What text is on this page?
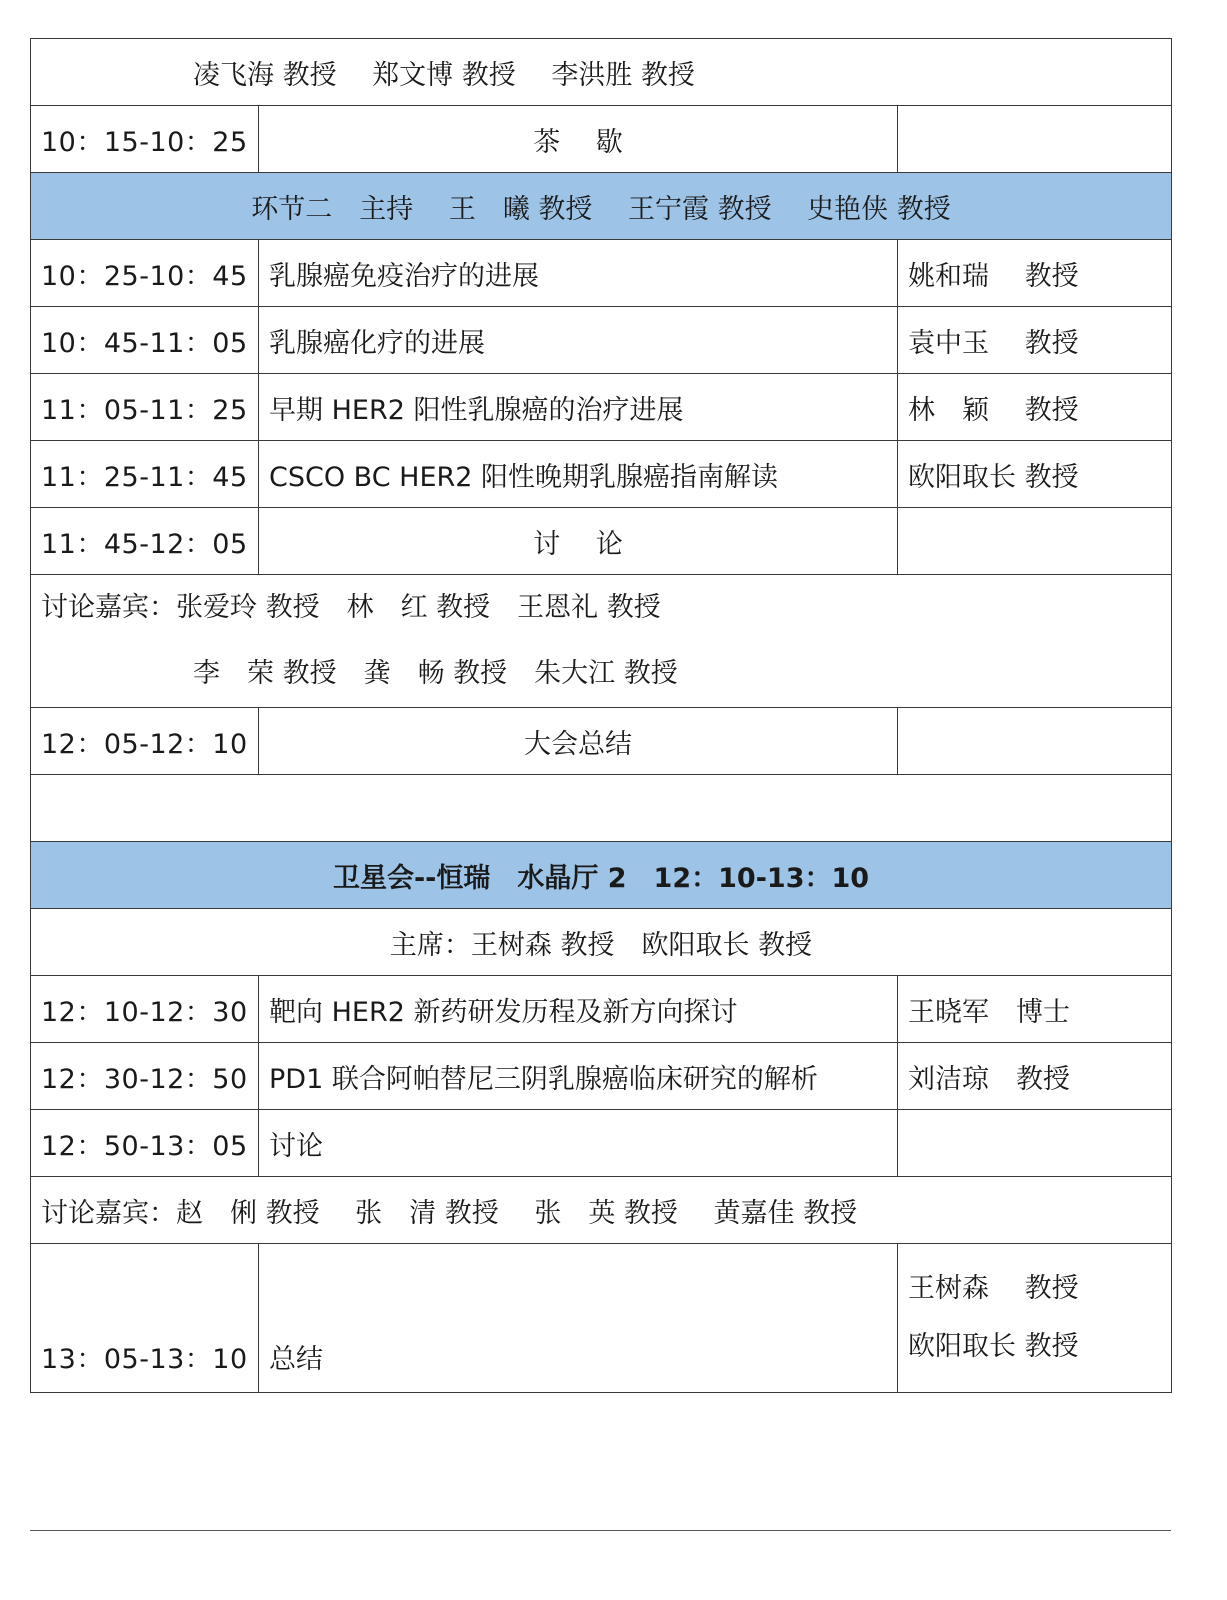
凌飞海 教授　 郑文博 教授　 李洪胜 教授		
10：15-10：25	茶　 歇	
环节二　主持　 王　曦 教授　 王宁霞 教授　 史艳侠 教授		
10：25-10：45	乳腺癌免疫治疗的进展	姚和瑞　 教授
10：45-11：05	乳腺癌化疗的进展	袁中玉　 教授
11：05-11：25	早期 HER2 阳性乳腺癌的治疗进展	林　颖　 教授
11：25-11：45	CSCO BC HER2 阳性晚期乳腺癌指南解读	欧阳取长 教授
11：45-12：05	讨　 论	

讨论嘉宾：张爱玲 教授　林　红 教授　王恩礼 教授
李　荣 教授　龚　畅 教授　朱大江 教授		

12：05-12：10	大会总结	

卫星会--恒瑞　水晶厅 2　12：10-13：10		
主席：王树森 教授　欧阳取长 教授		
12：10-12：30	靶向 HER2 新药研发历程及新方向探讨	王晓军　博士
12：30-12：50	PD1 联合阿帕替尼三阴乳腺癌临床研究的解析	刘洁琼　教授
12：50-13：05	讨论	
讨论嘉宾：赵　俐 教授　 张　清 教授　 张　英 教授　 黄嘉佳 教授		
13：05-13：10	总结	王树森　 教授
欧阳取长 教授
